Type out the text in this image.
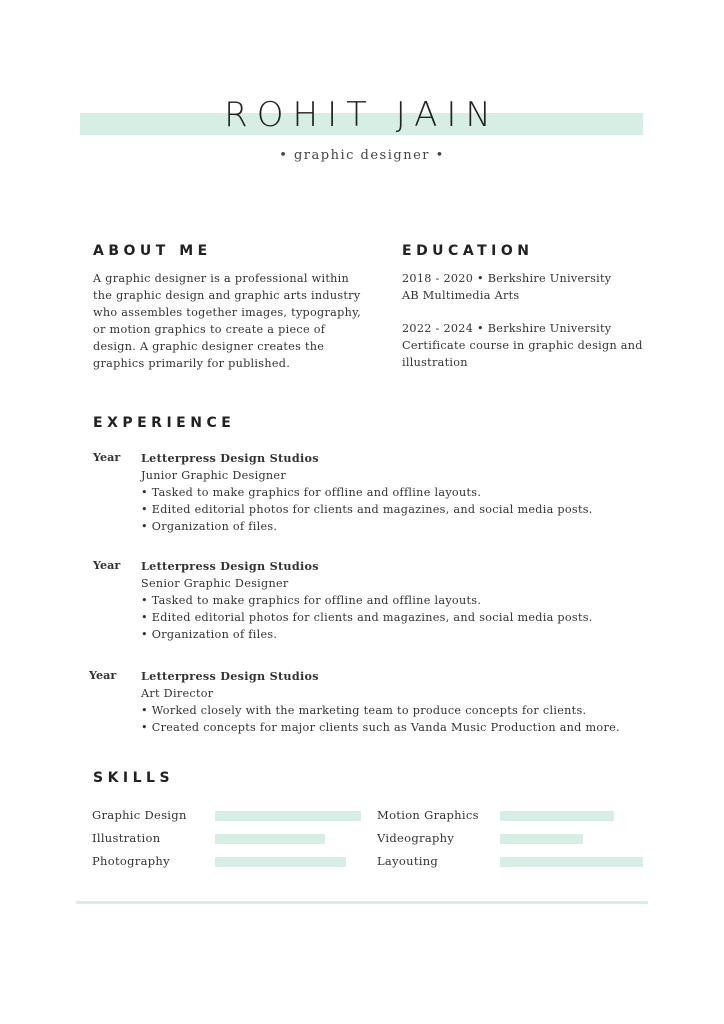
ROHIT JAIN
• graphic designer •
ABOUT ME

A graphic designer is a professional within

the graphic design and graphic arts industry

who assembles together images, typography,

or motion graphics to create a piece of

design. A graphic designer creates the

graphics primarily for published.

EDUCATION

2018 - 2020 • Berkshire University

AB Multimedia Arts

2022 - 2024 • Berkshire University

Certificate course in graphic design and

illustration

EXPERIENCE
Year Letterpress Design Studios

Junior Graphic Designer

• Tasked to make graphics for offline and offline layouts.

• Edited editorial photos for clients and magazines, and social media posts.

• Organization of files.

Year Letterpress Design Studios

Senior Graphic Designer

• Tasked to make graphics for offline and offline layouts.

• Edited editorial photos for clients and magazines, and social media posts.

• Organization of files.

Year Letterpress Design Studios

Art Director

• Worked closely with the marketing team to produce concepts for clients.

• Created concepts for major clients such as Vanda Music Production and more.

SKILLS
Graphic Design
Illustration
Photography
Motion Graphics
Videography
Layouting
